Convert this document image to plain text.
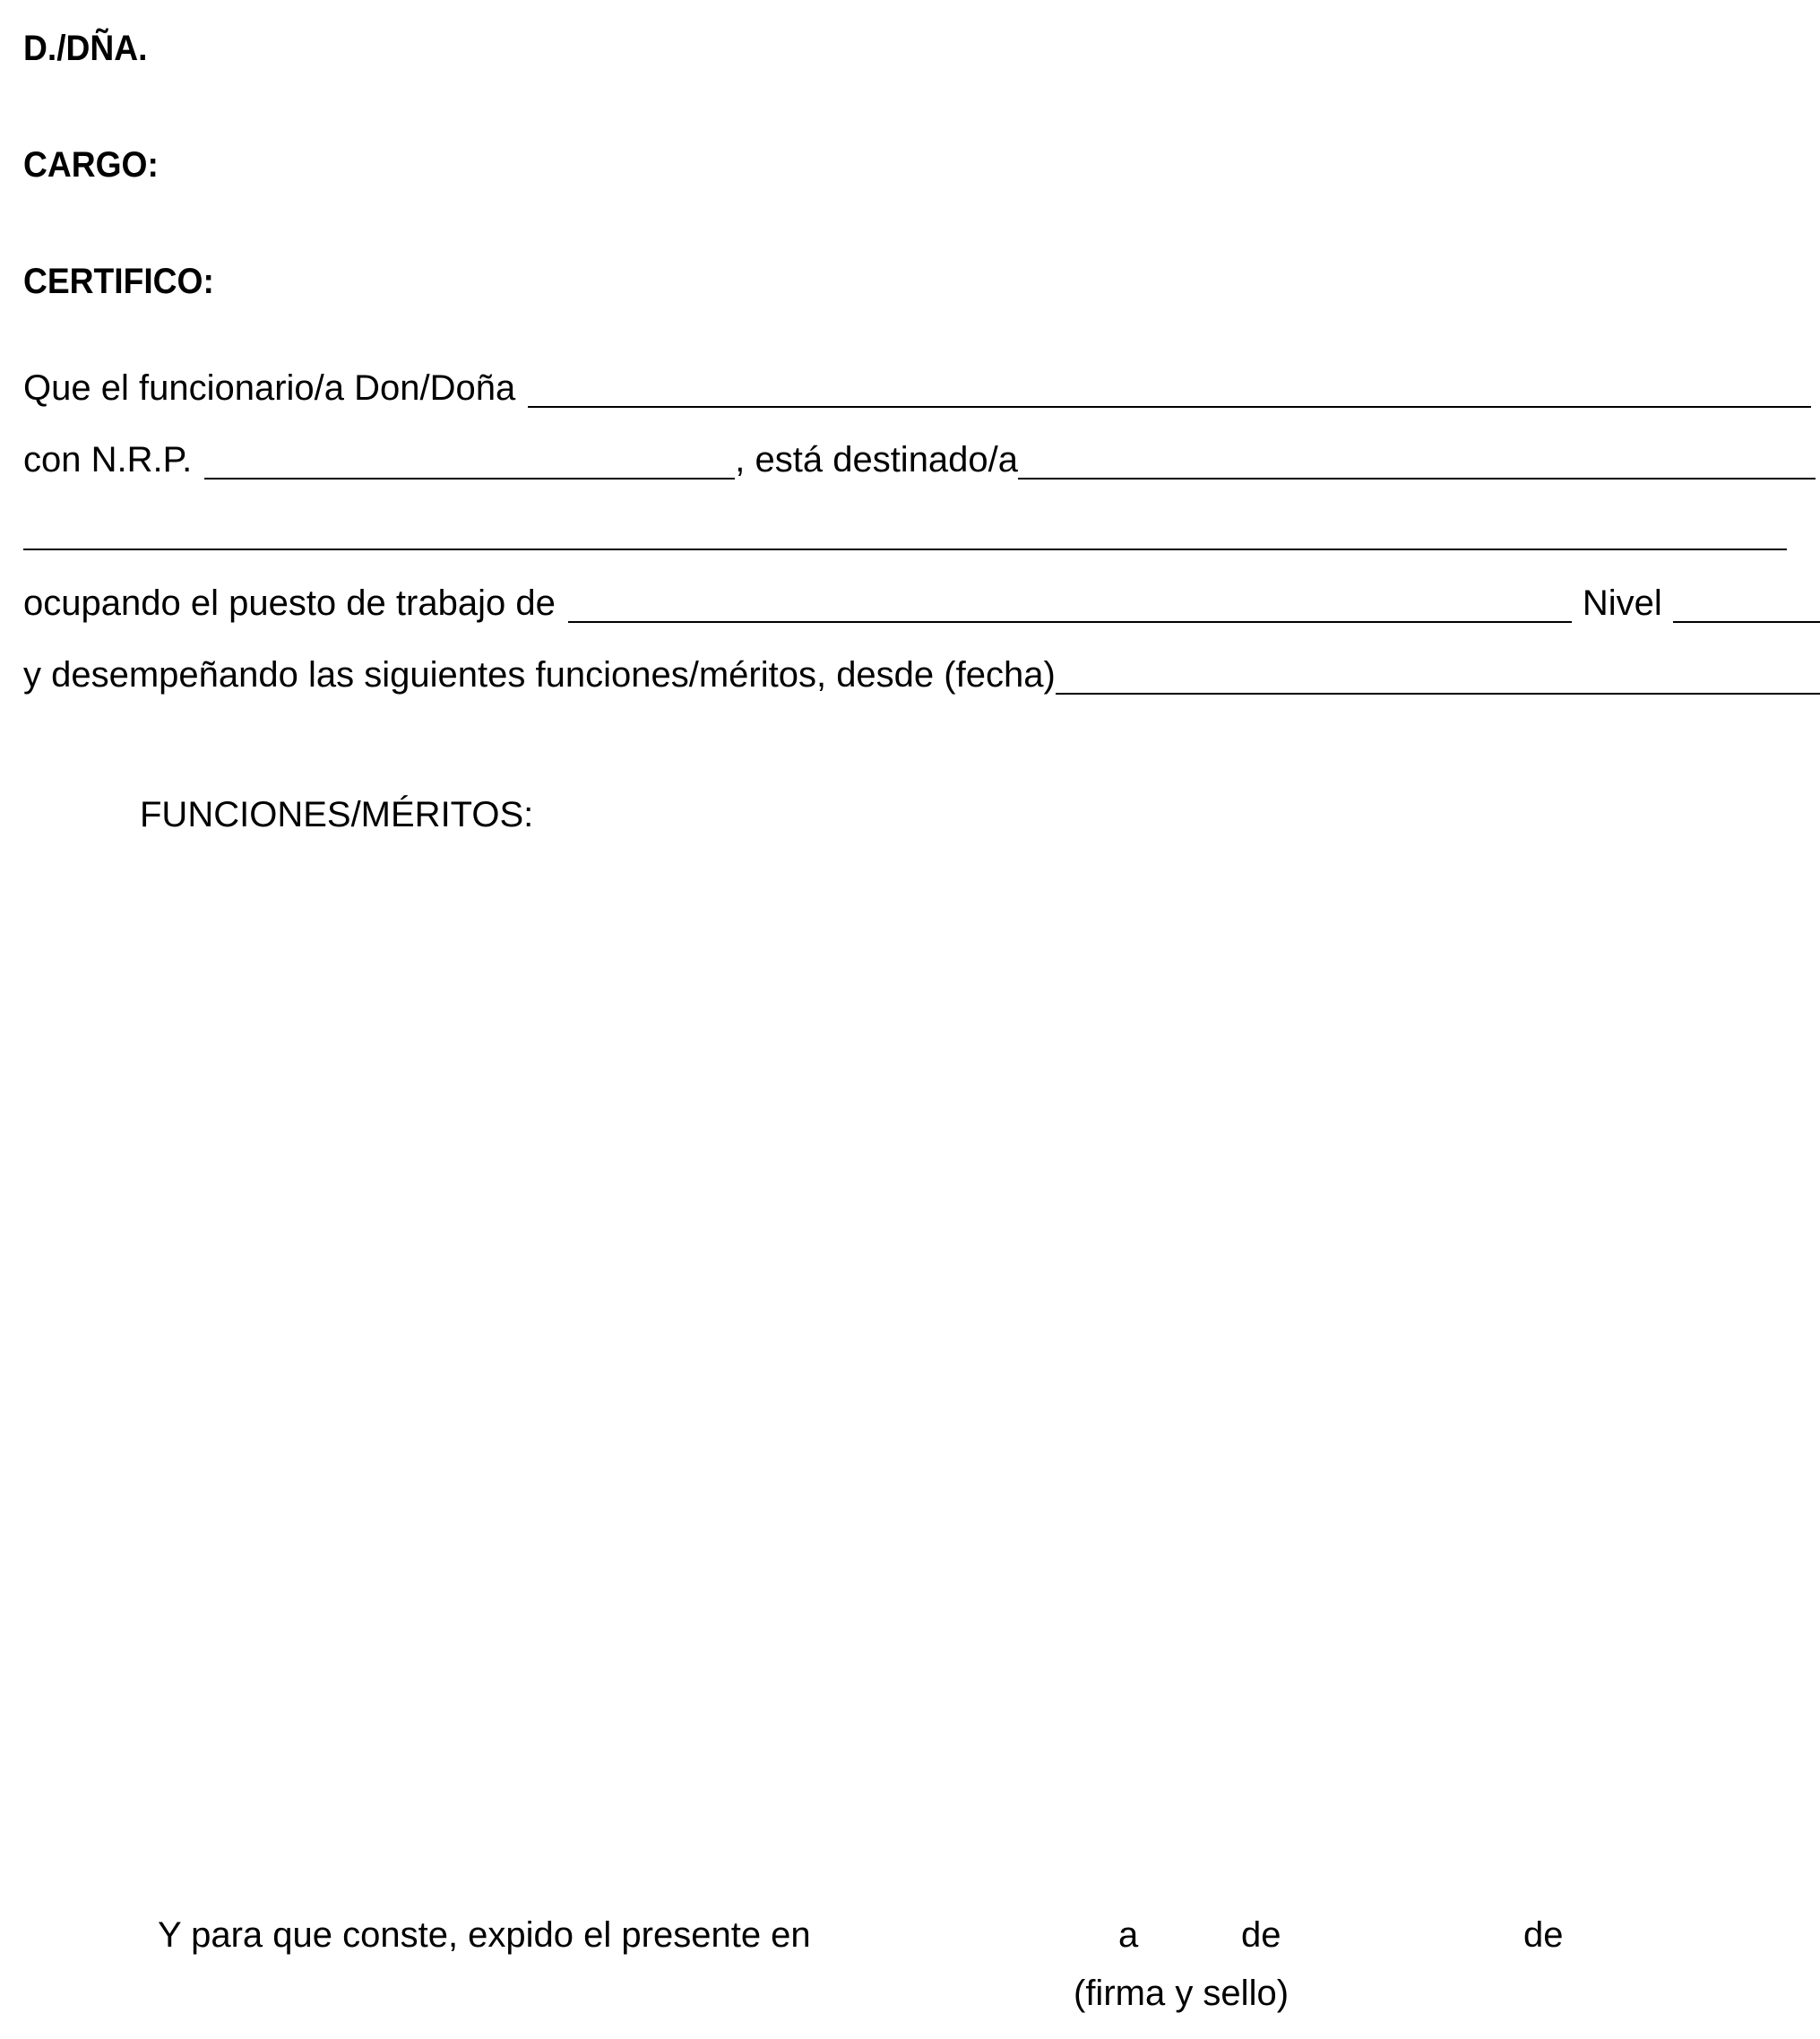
D./DÑA.
CARGO:
CERTIFICO:
Que el funcionario/a Don/Doña
con N.R.P.	, está destinado/a
ocupando el puesto de trabajo de	Nivel
y desempeñando las siguientes funciones/méritos, desde (fecha)
FUNCIONES/MÉRITOS:
Y para que conste, expido el presente en	a	de	de
(firma y sello)
